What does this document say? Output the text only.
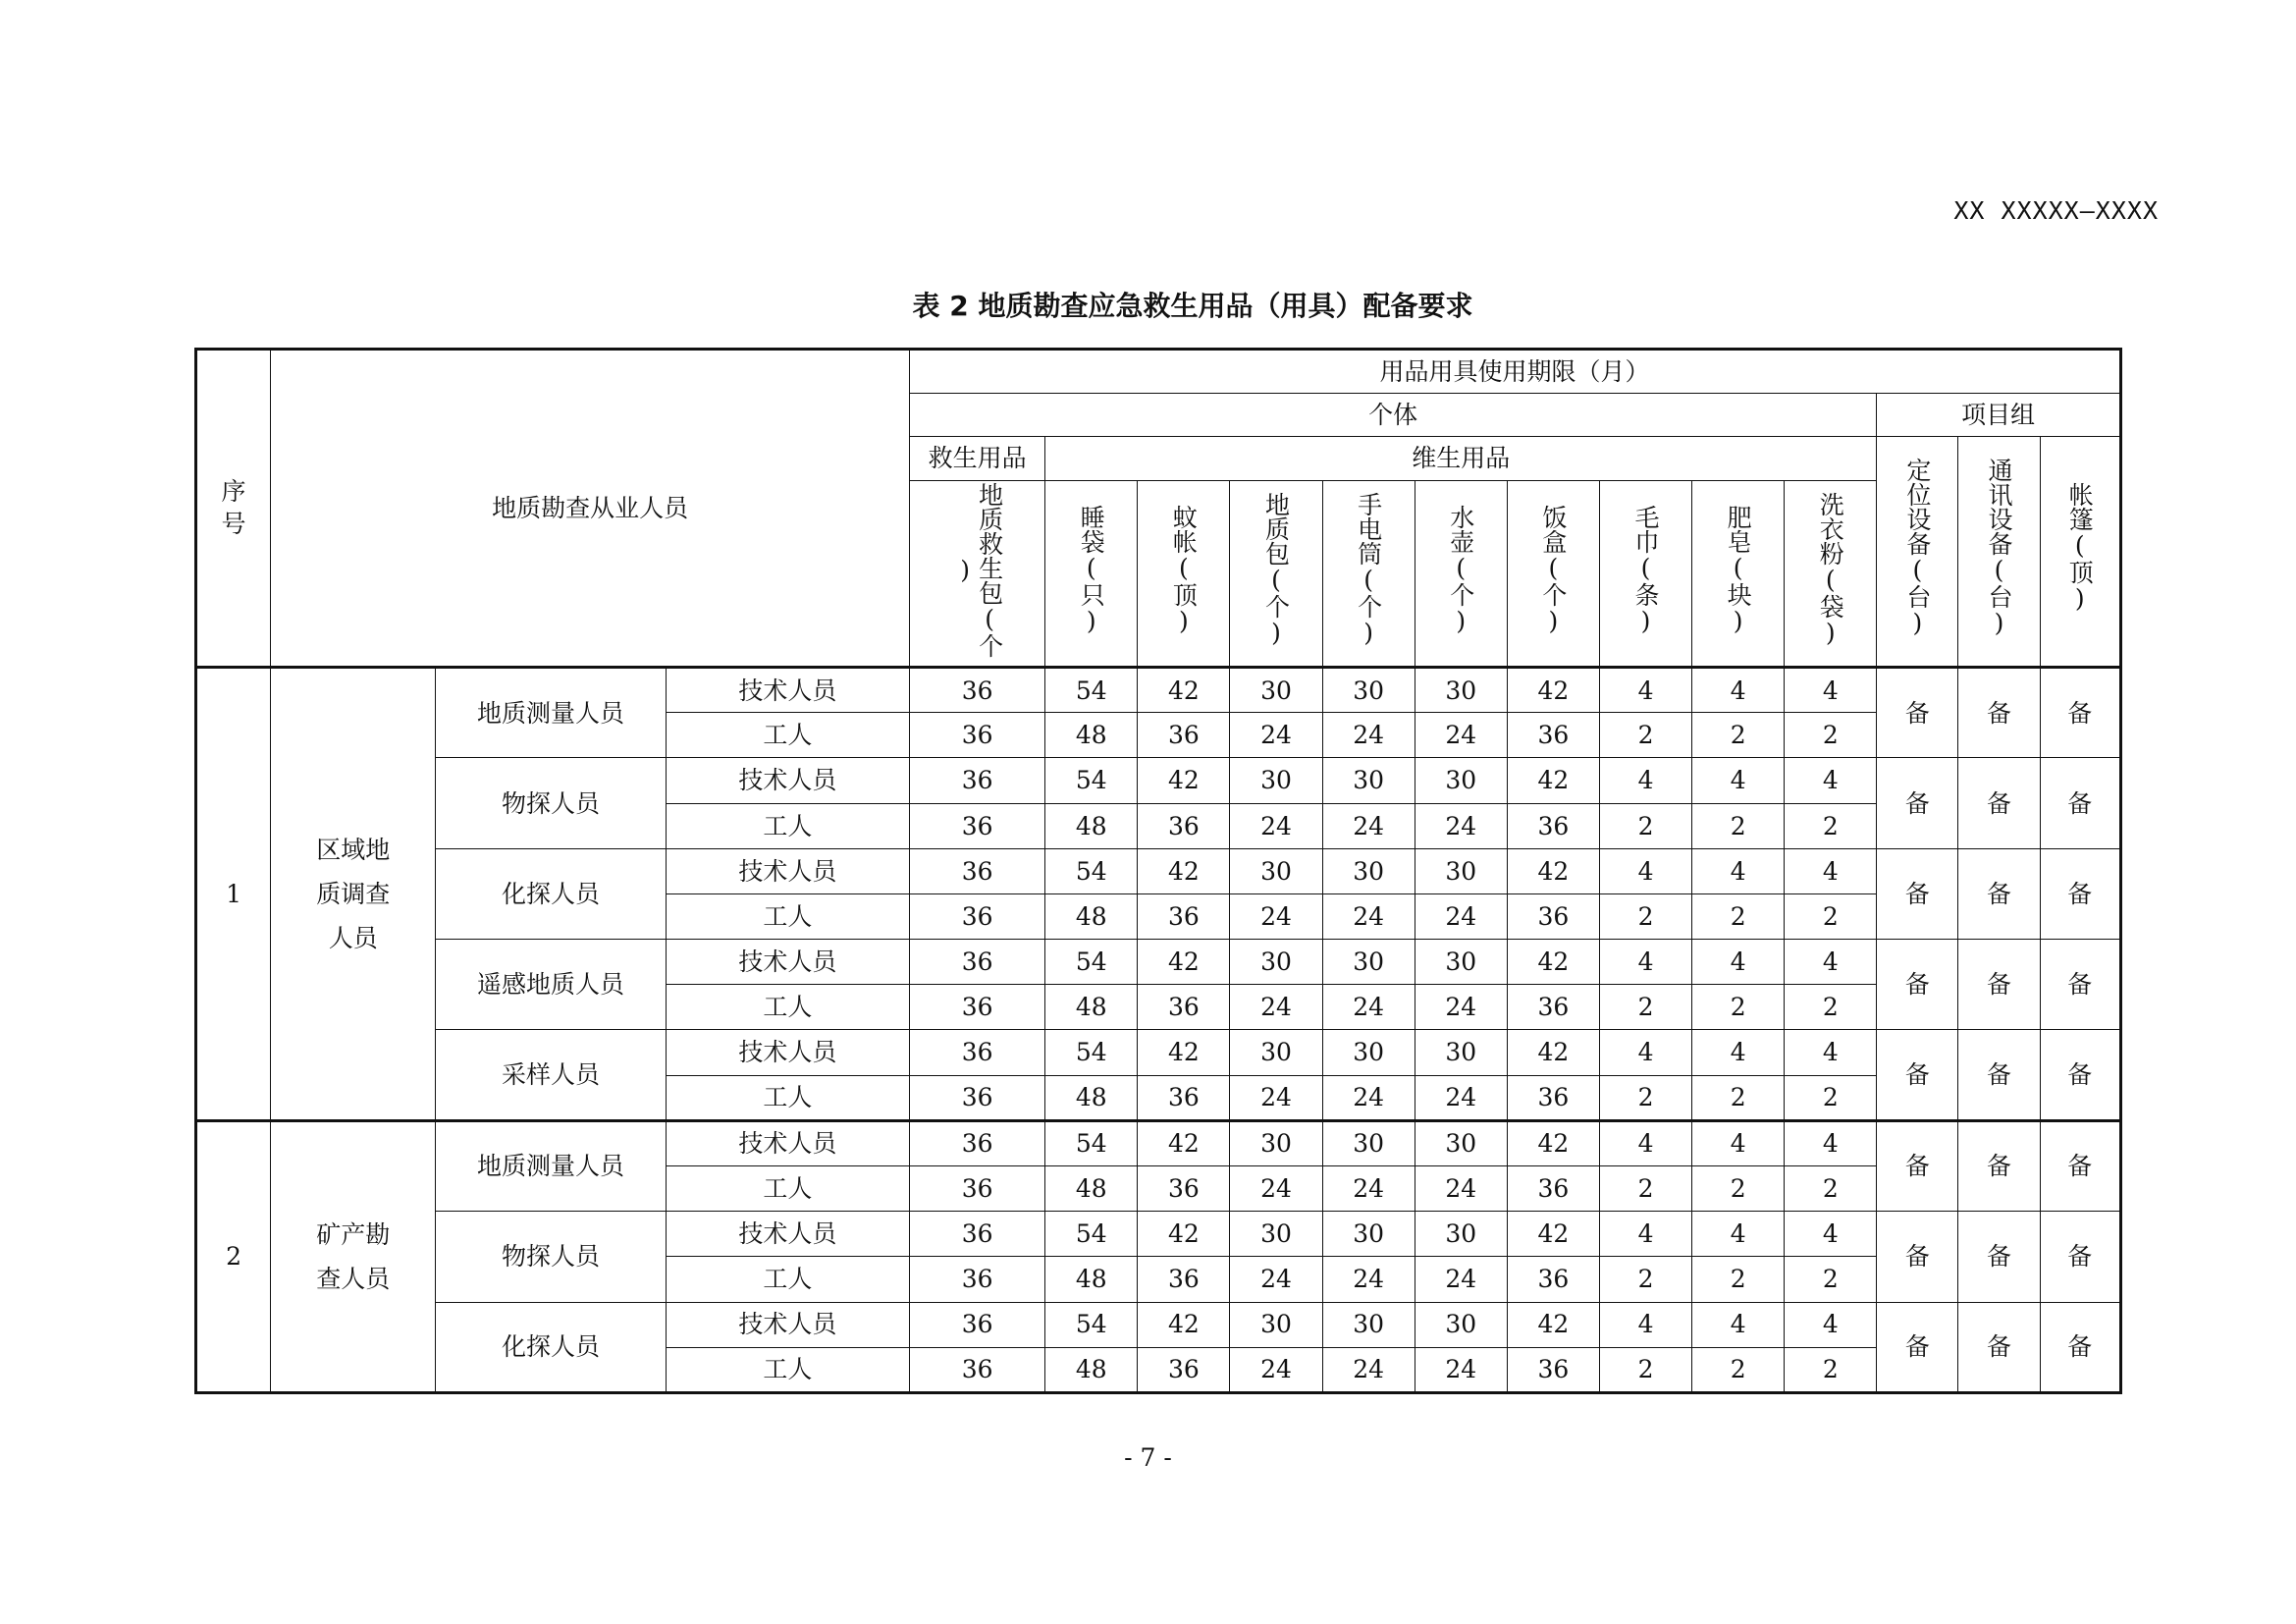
XX XXXXX—XXXX
表 2 地质勘查应急救生用品（用具）配备要求
序号	地质勘查从业人员			用品用具使用期限（月）												
				个体										项目组		
				救生用品	维生用品									定位设备(台)	通讯设备(台)	帐篷(顶)
				地质救生包(个)	睡袋(只)	蚊帐(顶)	地质包(个)	手电筒(个)	水壶(个)	饭盒(个)	毛巾(条)	肥皂(块)	洗衣粉(袋)			
1	区域地质调查人员	地质测量人员	技术人员	36	54	42	30	30	30	42	4	4	4	备	备	备
			工人	36	48	36	24	24	24	36	2	2	2			
		物探人员	技术人员	36	54	42	30	30	30	42	4	4	4	备	备	备
			工人	36	48	36	24	24	24	36	2	2	2			
		化探人员	技术人员	36	54	42	30	30	30	42	4	4	4	备	备	备
			工人	36	48	36	24	24	24	36	2	2	2			
		遥感地质人员	技术人员	36	54	42	30	30	30	42	4	4	4	备	备	备
			工人	36	48	36	24	24	24	36	2	2	2			
		采样人员	技术人员	36	54	42	30	30	30	42	4	4	4	备	备	备
			工人	36	48	36	24	24	24	36	2	2	2			
2	矿产勘查人员	地质测量人员	技术人员	36	54	42	30	30	30	42	4	4	4	备	备	备
			工人	36	48	36	24	24	24	36	2	2	2			
		物探人员	技术人员	36	54	42	30	30	30	42	4	4	4	备	备	备
			工人	36	48	36	24	24	24	36	2	2	2			
		化探人员	技术人员	36	54	42	30	30	30	42	4	4	4	备	备	备
			工人	36	48	36	24	24	24	36	2	2	2			
- 7 -
